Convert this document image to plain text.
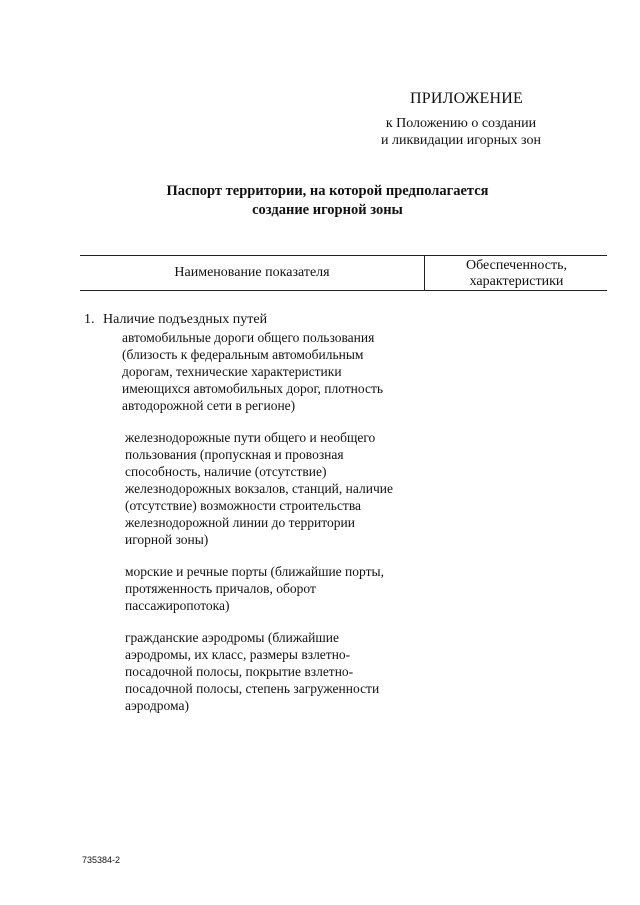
ПРИЛОЖЕНИЕ
к Положению о создании
и ликвидации игорных зон
Паспорт территории, на которой предполагается
создание игорной зоны
Наименование показателя	Обеспеченность,
характеристики
1. Наличие подъездных путей
автомобильные дороги общего пользования
(близость к федеральным автомобильным
дорогам, технические характеристики
имеющихся автомобильных дорог, плотность
автодорожной сети в регионе)
железнодорожные пути общего и необщего
пользования (пропускная и провозная
способность, наличие (отсутствие)
железнодорожных вокзалов, станций, наличие
(отсутствие) возможности строительства
железнодорожной линии до территории
игорной зоны)
морские и речные порты (ближайшие порты,
протяженность причалов, оборот
пассажиропотока)
гражданские аэродромы (ближайшие
аэродромы, их класс, размеры взлетно-
посадочной полосы, покрытие взлетно-
посадочной полосы, степень загруженности
аэродрома)
735384-2
